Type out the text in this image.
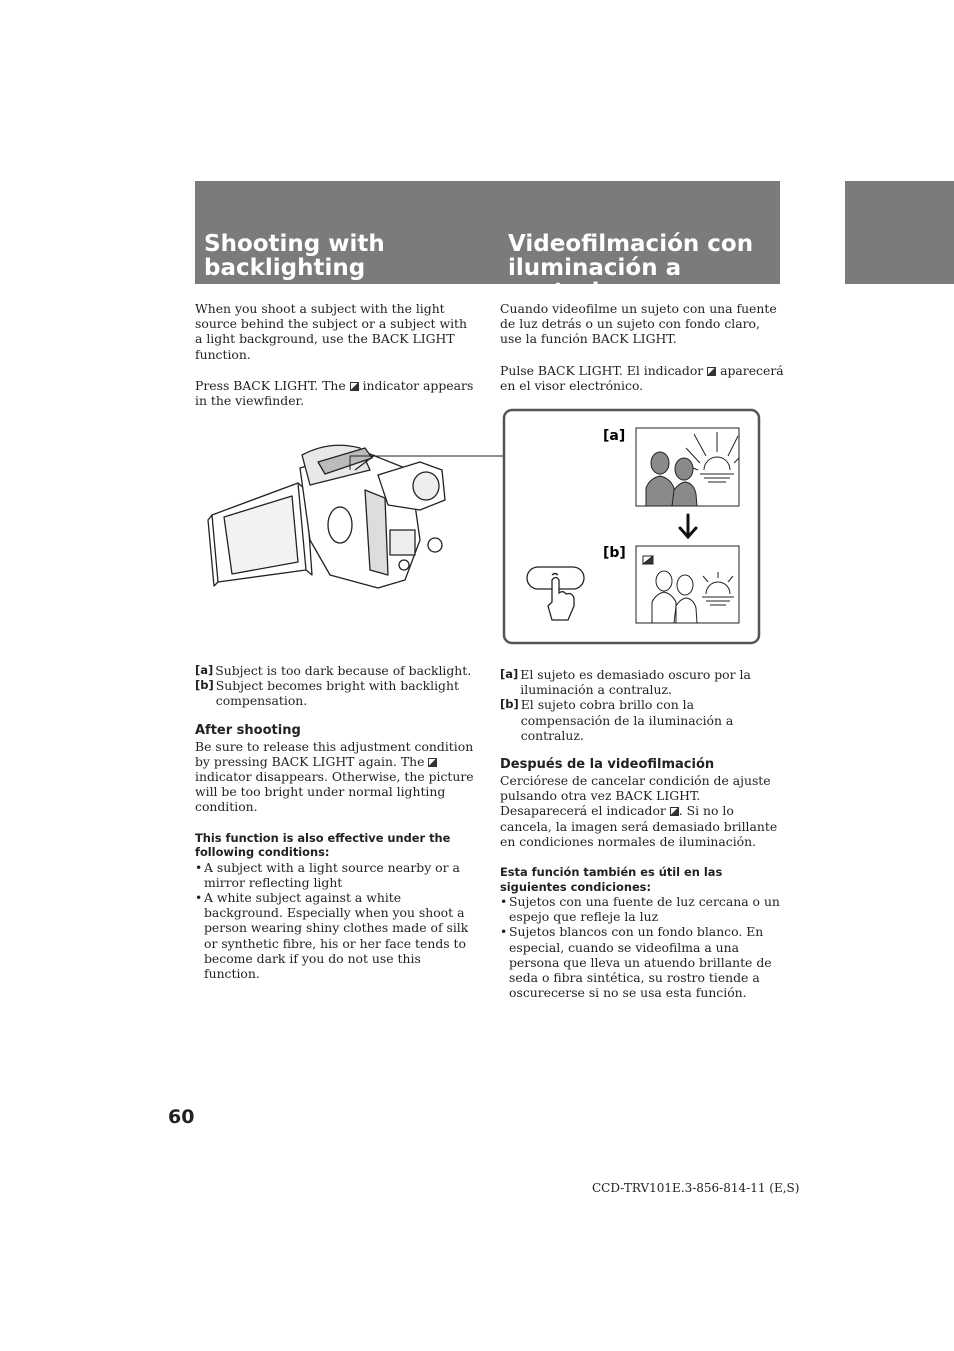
Shooting with backlighting
Videofilmación con iluminación a contraluz

When you shoot a subject with the light source behind the subject or a subject with a light background, use the BACK LIGHT function.

Press BACK LIGHT. The  indicator appears in the viewfinder.

Cuando videofilme un sujeto con una fuente de luz detrás o un sujeto con fondo claro, use la función BACK LIGHT.

Pulse BACK LIGHT. El indicador  aparecerá en el visor electrónico.

[a]
[b]
[a] Subject is too dark because of backlight.
[b] Subject becomes bright with backlight compensation.

After shooting

Be sure to release this adjustment condition by pressing BACK LIGHT again. The  indicator disappears. Otherwise, the picture will be too bright under normal lighting condition.

This function is also effective under the following conditions:

• A subject with a light source nearby or a mirror reflecting light
• A white subject against a white background. Especially when you shoot a person wearing shiny clothes made of silk or synthetic fibre, his or her face tends to become dark if you do not use this function.
[a] El sujeto es demasiado oscuro por la iluminación a contraluz.
[b] El sujeto cobra brillo con la compensación de la iluminación a contraluz.

Después de la videofilmación

Cerciórese de cancelar condición de ajuste pulsando otra vez BACK LIGHT. Desaparecerá el indicador . Si no lo cancela, la imagen será demasiado brillante en condiciones normales de iluminación.

Esta función también es útil en las siguientes condiciones:

• Sujetos con una fuente de luz cercana o un espejo que refleje la luz
• Sujetos blancos con un fondo blanco. En especial, cuando se videofilma a una persona que lleva un atuendo brillante de seda o fibra sintética, su rostro tiende a oscurecerse si no se usa esta función.

60

CCD-TRV101E.3-856-814-11 (E,S)
